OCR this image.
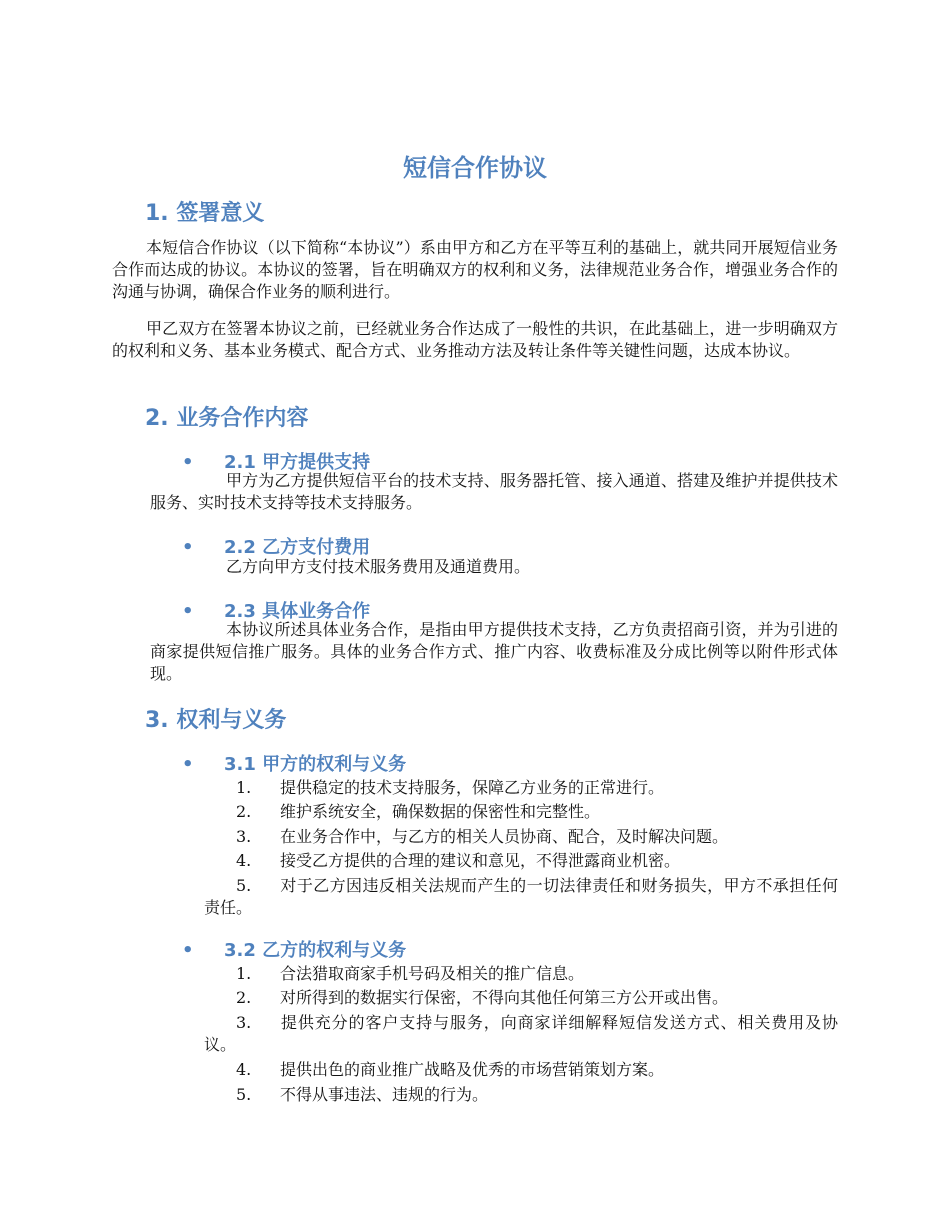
短信合作协议
1. 签署意义
本短信合作协议（以下简称“本协议”）系由甲方和乙方在平等互利的基础上，就共同开展短信业务合作而达成的协议。本协议的签署，旨在明确双方的权利和义务，法律规范业务合作，增强业务合作的沟通与协调，确保合作业务的顺利进行。
甲乙双方在签署本协议之前，已经就业务合作达成了一般性的共识，在此基础上，进一步明确双方的权利和义务、基本业务模式、配合方式、业务推动方法及转让条件等关键性问题，达成本协议。
2. 业务合作内容
• 2.1 甲方提供支持
甲方为乙方提供短信平台的技术支持、服务器托管、接入通道、搭建及维护并提供技术服务、实时技术支持等技术支持服务。
• 2.2 乙方支付费用
乙方向甲方支付技术服务费用及通道费用。
• 2.3 具体业务合作
本协议所述具体业务合作，是指由甲方提供技术支持，乙方负责招商引资，并为引进的商家提供短信推广服务。具体的业务合作方式、推广内容、收费标准及分成比例等以附件形式体现。
3. 权利与义务
• 3.1 甲方的权利与义务
1. 提供稳定的技术支持服务，保障乙方业务的正常进行。
2. 维护系统安全，确保数据的保密性和完整性。
3. 在业务合作中，与乙方的相关人员协商、配合，及时解决问题。
4. 接受乙方提供的合理的建议和意见，不得泄露商业机密。
5. 对于乙方因违反相关法规而产生的一切法律责任和财务损失，甲方不承担任何责任。
• 3.2 乙方的权利与义务
1. 合法猎取商家手机号码及相关的推广信息。
2. 对所得到的数据实行保密，不得向其他任何第三方公开或出售。
3. 提供充分的客户支持与服务，向商家详细解释短信发送方式、相关费用及协议。
4. 提供出色的商业推广战略及优秀的市场营销策划方案。
5. 不得从事违法、违规的行为。
